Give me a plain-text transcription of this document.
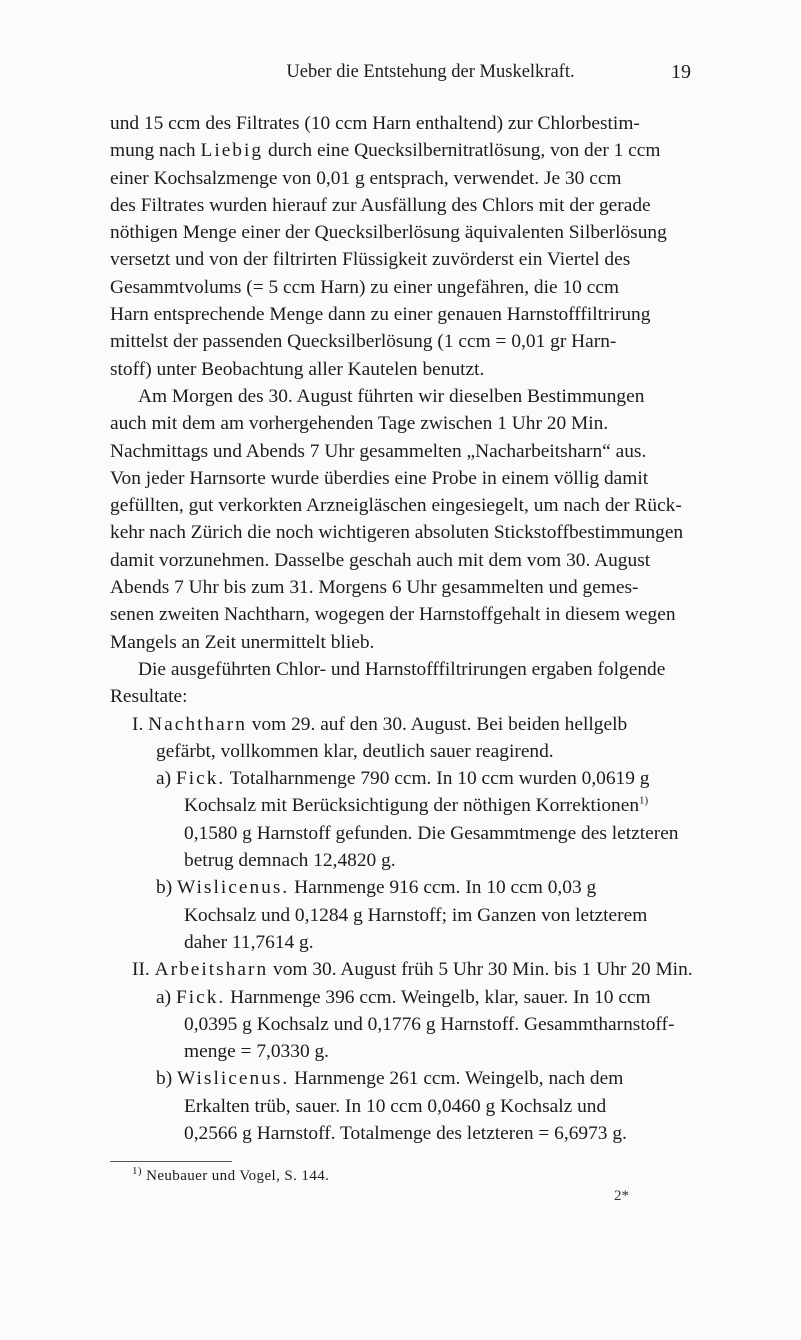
Ueber die Entstehung der Muskelkraft.	19
und 15 ccm des Filtrates (10 ccm Harn enthaltend) zur Chlorbestim-
mung nach Liebig durch eine Quecksilbernitratlösung, von der 1 ccm
einer Kochsalzmenge von 0,01 g entsprach, verwendet. Je 30 ccm
des Filtrates wurden hierauf zur Ausfällung des Chlors mit der gerade
nöthigen Menge einer der Quecksilberlösung äquivalenten Silberlösung
versetzt und von der filtrirten Flüssigkeit zuvörderst ein Viertel des
Gesammtvolums (= 5 ccm Harn) zu einer ungefähren, die 10 ccm
Harn entsprechende Menge dann zu einer genauen Harnstofffiltrirung
mittelst der passenden Quecksilberlösung (1 ccm = 0,01 gr Harn-
stoff) unter Beobachtung aller Kautelen benutzt.
Am Morgen des 30. August führten wir dieselben Bestimmungen
auch mit dem am vorhergehenden Tage zwischen 1 Uhr 20 Min.
Nachmittags und Abends 7 Uhr gesammelten „Nacharbeitsharn“ aus.
Von jeder Harnsorte wurde überdies eine Probe in einem völlig damit
gefüllten, gut verkorkten Arzneigläschen eingesiegelt, um nach der Rück-
kehr nach Zürich die noch wichtigeren absoluten Stickstoffbestimmungen
damit vorzunehmen. Dasselbe geschah auch mit dem vom 30. August
Abends 7 Uhr bis zum 31. Morgens 6 Uhr gesammelten und gemes-
senen zweiten Nachtharn, wogegen der Harnstoffgehalt in diesem wegen
Mangels an Zeit unermittelt blieb.
Die ausgeführten Chlor- und Harnstofffiltrirungen ergaben folgende
Resultate:
I. Nachtharn vom 29. auf den 30. August. Bei beiden hellgelb
gefärbt, vollkommen klar, deutlich sauer reagirend.
a) Fick. Totalharnmenge 790 ccm. In 10 ccm wurden 0,0619 g
Kochsalz mit Berücksichtigung der nöthigen Korrektionen$^{1)}$
0,1580 g Harnstoff gefunden. Die Gesammtmenge des letzteren
betrug demnach 12,4820 g.
b) Wislicenus. Harnmenge 916 ccm. In 10 ccm 0,03 g
Kochsalz und 0,1284 g Harnstoff; im Ganzen von letzterem
daher 11,7614 g.
II. Arbeitsharn vom 30. August früh 5 Uhr 30 Min. bis 1 Uhr 20 Min.
a) Fick. Harnmenge 396 ccm. Weingelb, klar, sauer. In 10 ccm
0,0395 g Kochsalz und 0,1776 g Harnstoff. Gesammtharnstoff-
menge = 7,0330 g.
b) Wislicenus. Harnmenge 261 ccm. Weingelb, nach dem
Erkalten trüb, sauer. In 10 ccm 0,0460 g Kochsalz und
0,2566 g Harnstoff. Totalmenge des letzteren = 6,6973 g.
$^{1)}$ Neubauer und Vogel, S. 144.
2*
